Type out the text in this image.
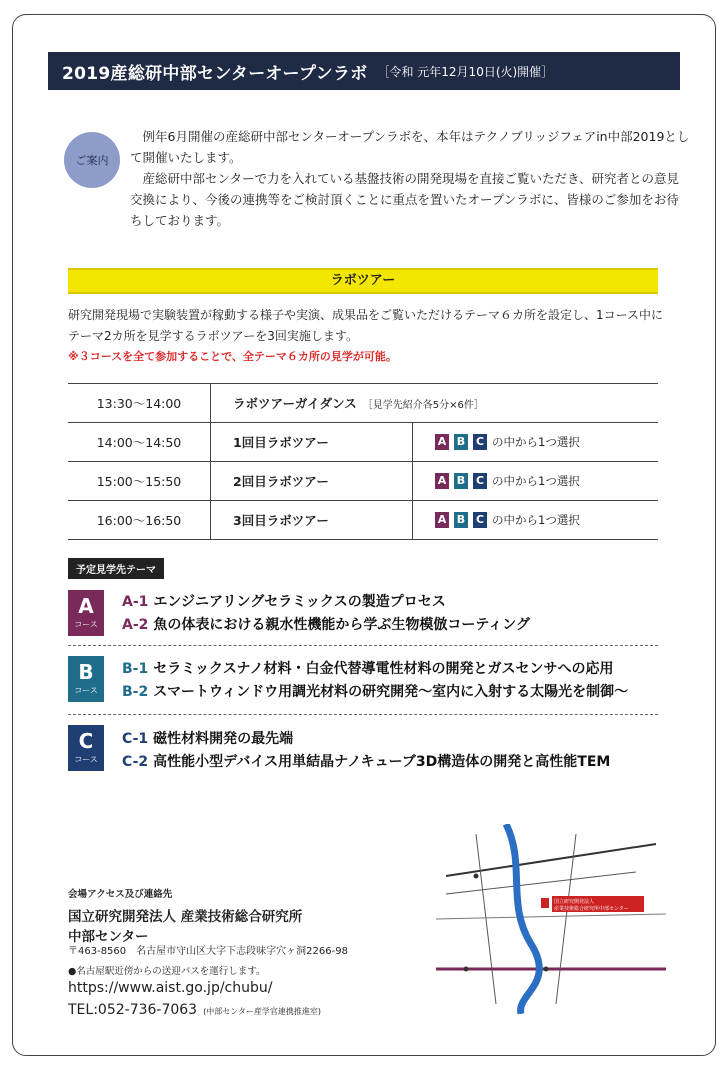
2019産総研中部センターオープンラボ ［令和 元年12月10日(火)開催］
ご案内

例年6月開催の産総研中部センターオープンラボを、本年はテクノブリッジフェアin中部2019として開催いたします。

産総研中部センターで力を入れている基盤技術の開発現場を直接ご覧いただき、研究者との意見交換により、今後の連携等をご検討頂くことに重点を置いたオープンラボに、皆様のご参加をお待ちしております。

ラボツアー

研究開発現場で実験装置が稼動する様子や実演、成果品をご覧いただけるテーマ６カ所を設定し、1コース中にテーマ2カ所を見学するラボツアーを3回実施します。

※３コースを全て参加することで、全テーマ６カ所の見学が可能。
13:30〜14:00	ラボツアーガイダンス ［見学先紹介各5分×6件］	
14:00〜14:50	1回目ラボツアー	A B C の中から1つ選択
15:00〜15:50	2回目ラボツアー	A B C の中から1つ選択
16:00〜16:50	3回目ラボツアー	A B C の中から1つ選択
予定見学先テーマ
A
コース
A-1 エンジニアリングセラミックスの製造プロセス
A-2 魚の体表における親水性機能から学ぶ生物模倣コーティング
B
コース
B-1 セラミックスナノ材料・白金代替導電性材料の開発とガスセンサへの応用
B-2 スマートウィンドウ用調光材料の研究開発〜室内に入射する太陽光を制御〜
C
コース
C-1 磁性材料開発の最先端
C-2 高性能小型デバイス用単結晶ナノキューブ3D構造体の開発と高性能TEM
会場アクセス及び連絡先
国立研究開発法人 産業技術総合研究所
中部センター
〒463-8560　名古屋市守山区大字下志段味字穴ヶ洞2266-98
●名古屋駅近傍からの送迎バスを運行します。
https://www.aist.go.jp/chubu/
TEL:052-736-7063 (中部センター産学官連携推進室)
国立研究開発法人
産業技術総合研究所中部センター
